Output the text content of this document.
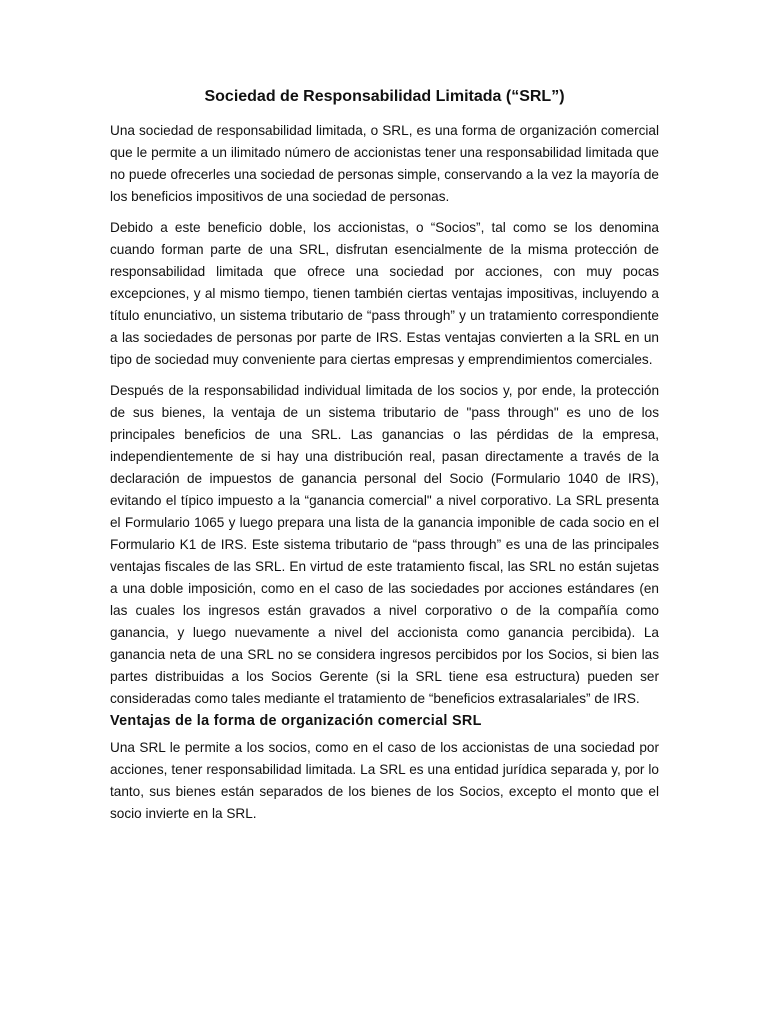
Sociedad de Responsabilidad Limitada (“SRL”)

Una sociedad de responsabilidad limitada, o SRL, es una forma de organización comercial que le permite a un ilimitado número de accionistas tener una responsabilidad limitada que no puede ofrecerles una sociedad de personas simple, conservando a la vez la mayoría de los beneficios impositivos de una sociedad de personas.

Debido a este beneficio doble, los accionistas, o “Socios”, tal como se los denomina cuando forman parte de una SRL, disfrutan esencialmente de la misma protección de responsabilidad limitada que ofrece una sociedad por acciones, con muy pocas excepciones, y al mismo tiempo, tienen también ciertas ventajas impositivas, incluyendo a título enunciativo, un sistema tributario de “pass through” y un tratamiento correspondiente a las sociedades de personas por parte de IRS. Estas ventajas convierten a la SRL en un tipo de sociedad muy conveniente para ciertas empresas y emprendimientos comerciales.

Después de la responsabilidad individual limitada de los socios y, por ende, la protección de sus bienes, la ventaja de un sistema tributario de "pass through" es uno de los principales beneficios de una SRL. Las ganancias o las pérdidas de la empresa, independientemente de si hay una distribución real, pasan directamente a través de la declaración de impuestos de ganancia personal del Socio (Formulario 1040 de IRS), evitando el típico impuesto a la “ganancia comercial" a nivel corporativo. La SRL presenta el Formulario 1065 y luego prepara una lista de la ganancia imponible de cada socio en el Formulario K1 de IRS. Este sistema tributario de “pass through” es una de las principales ventajas fiscales de las SRL. En virtud de este tratamiento fiscal, las SRL no están sujetas a una doble imposición, como en el caso de las sociedades por acciones estándares (en las cuales los ingresos están gravados a nivel corporativo o de la compañía como ganancia, y luego nuevamente a nivel del accionista como ganancia percibida). La ganancia neta de una SRL no se considera ingresos percibidos por los Socios, si bien las partes distribuidas a los Socios Gerente (si la SRL tiene esa estructura) pueden ser consideradas como tales mediante el tratamiento de “beneficios extrasalariales” de IRS.

Ventajas de la forma de organización comercial SRL

Una SRL le permite a los socios, como en el caso de los accionistas de una sociedad por acciones, tener responsabilidad limitada. La SRL es una entidad jurídica separada y, por lo tanto, sus bienes están separados de los bienes de los Socios, excepto el monto que el socio invierte en la SRL.
